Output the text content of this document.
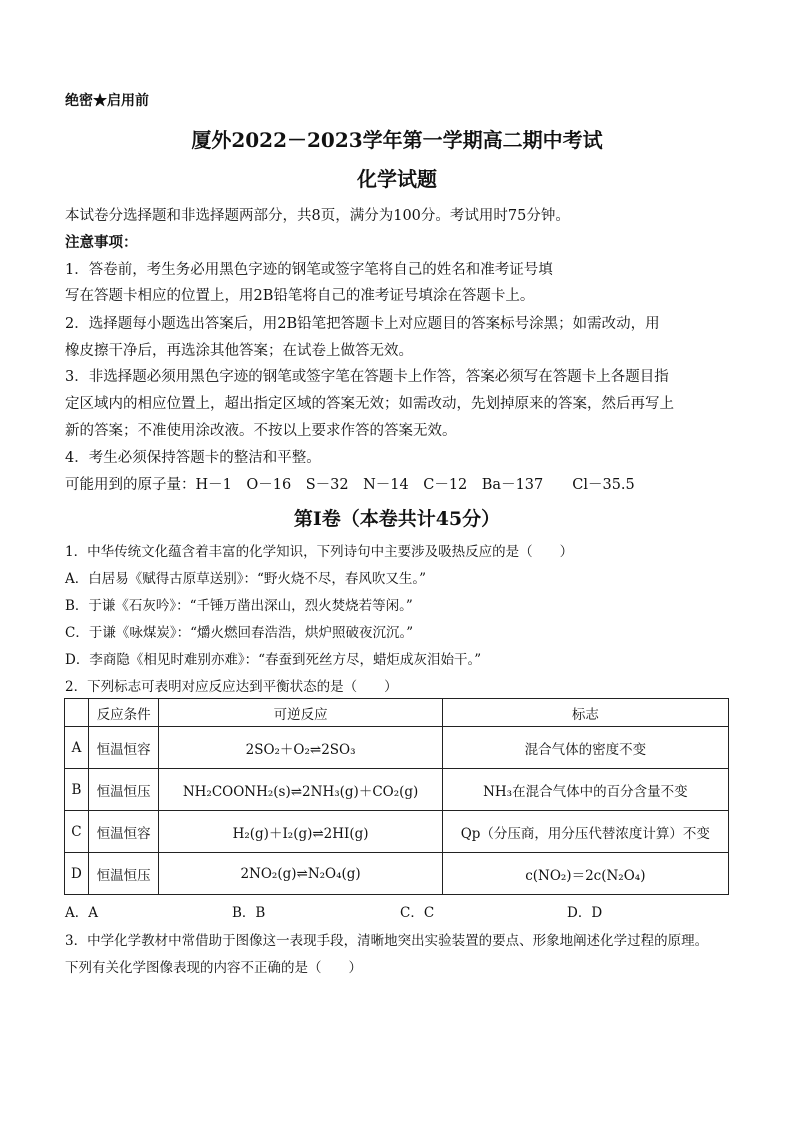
绝密★启用前
厦外2022－2023学年第一学期高二期中考试
化学试题
本试卷分选择题和非选择题两部分，共8页，满分为100分。考试用时75分钟。
注意事项：
1．答卷前，考生务必用黑色字迹的钢笔或签字笔将自己的姓名和准考证号填
写在答题卡相应的位置上，用2B铅笔将自己的准考证号填涂在答题卡上。
2．选择题每小题选出答案后，用2B铅笔把答题卡上对应题目的答案标号涂黑；如需改动，用
橡皮擦干净后，再选涂其他答案；在试卷上做答无效。
3．非选择题必须用黑色字迹的钢笔或签字笔在答题卡上作答，答案必须写在答题卡上各题目指
定区域内的相应位置上，超出指定区域的答案无效；如需改动，先划掉原来的答案，然后再写上
新的答案；不准使用涂改液。不按以上要求作答的答案无效。
4．考生必须保持答题卡的整洁和平整。
可能用到的原子量：H－1　O－16　S－32　N－14　C－12　Ba－137　　Cl－35.5
第Ⅰ卷（本卷共计45分）
1．中华传统文化蕴含着丰富的化学知识，下列诗句中主要涉及吸热反应的是（　　）
A．白居易《赋得古原草送别》：“野火烧不尽，春风吹又生。”
B．于谦《石灰吟》：“千锤万凿出深山，烈火焚烧若等闲。”
C．于谦《咏煤炭》：“爝火燃回春浩浩，烘炉照破夜沉沉。”
D．李商隐《相见时难别亦难》：“春蚕到死丝方尽，蜡炬成灰泪始干。”
2．下列标志可表明对应反应达到平衡状态的是（　　）
	反应条件	可逆反应	标志
A	恒温恒容	2SO₂＋O₂⇌2SO₃	混合气体的密度不变
B	恒温恒压	NH₂COONH₂(s)⇌2NH₃(g)＋CO₂(g)	NH₃在混合气体中的百分含量不变
C	恒温恒容	H₂(g)＋I₂(g)⇌2HI(g)	Qp（分压商，用分压代替浓度计算）不变
D	恒温恒压	2NO₂(g)⇌N₂O₄(g)	c(NO₂)＝2c(N₂O₄)
A．A	B．B	C．C	D．D
3．中学化学教材中常借助于图像这一表现手段，清晰地突出实验装置的要点、形象地阐述化学过程的原理。
下列有关化学图像表现的内容不正确的是（　　）
